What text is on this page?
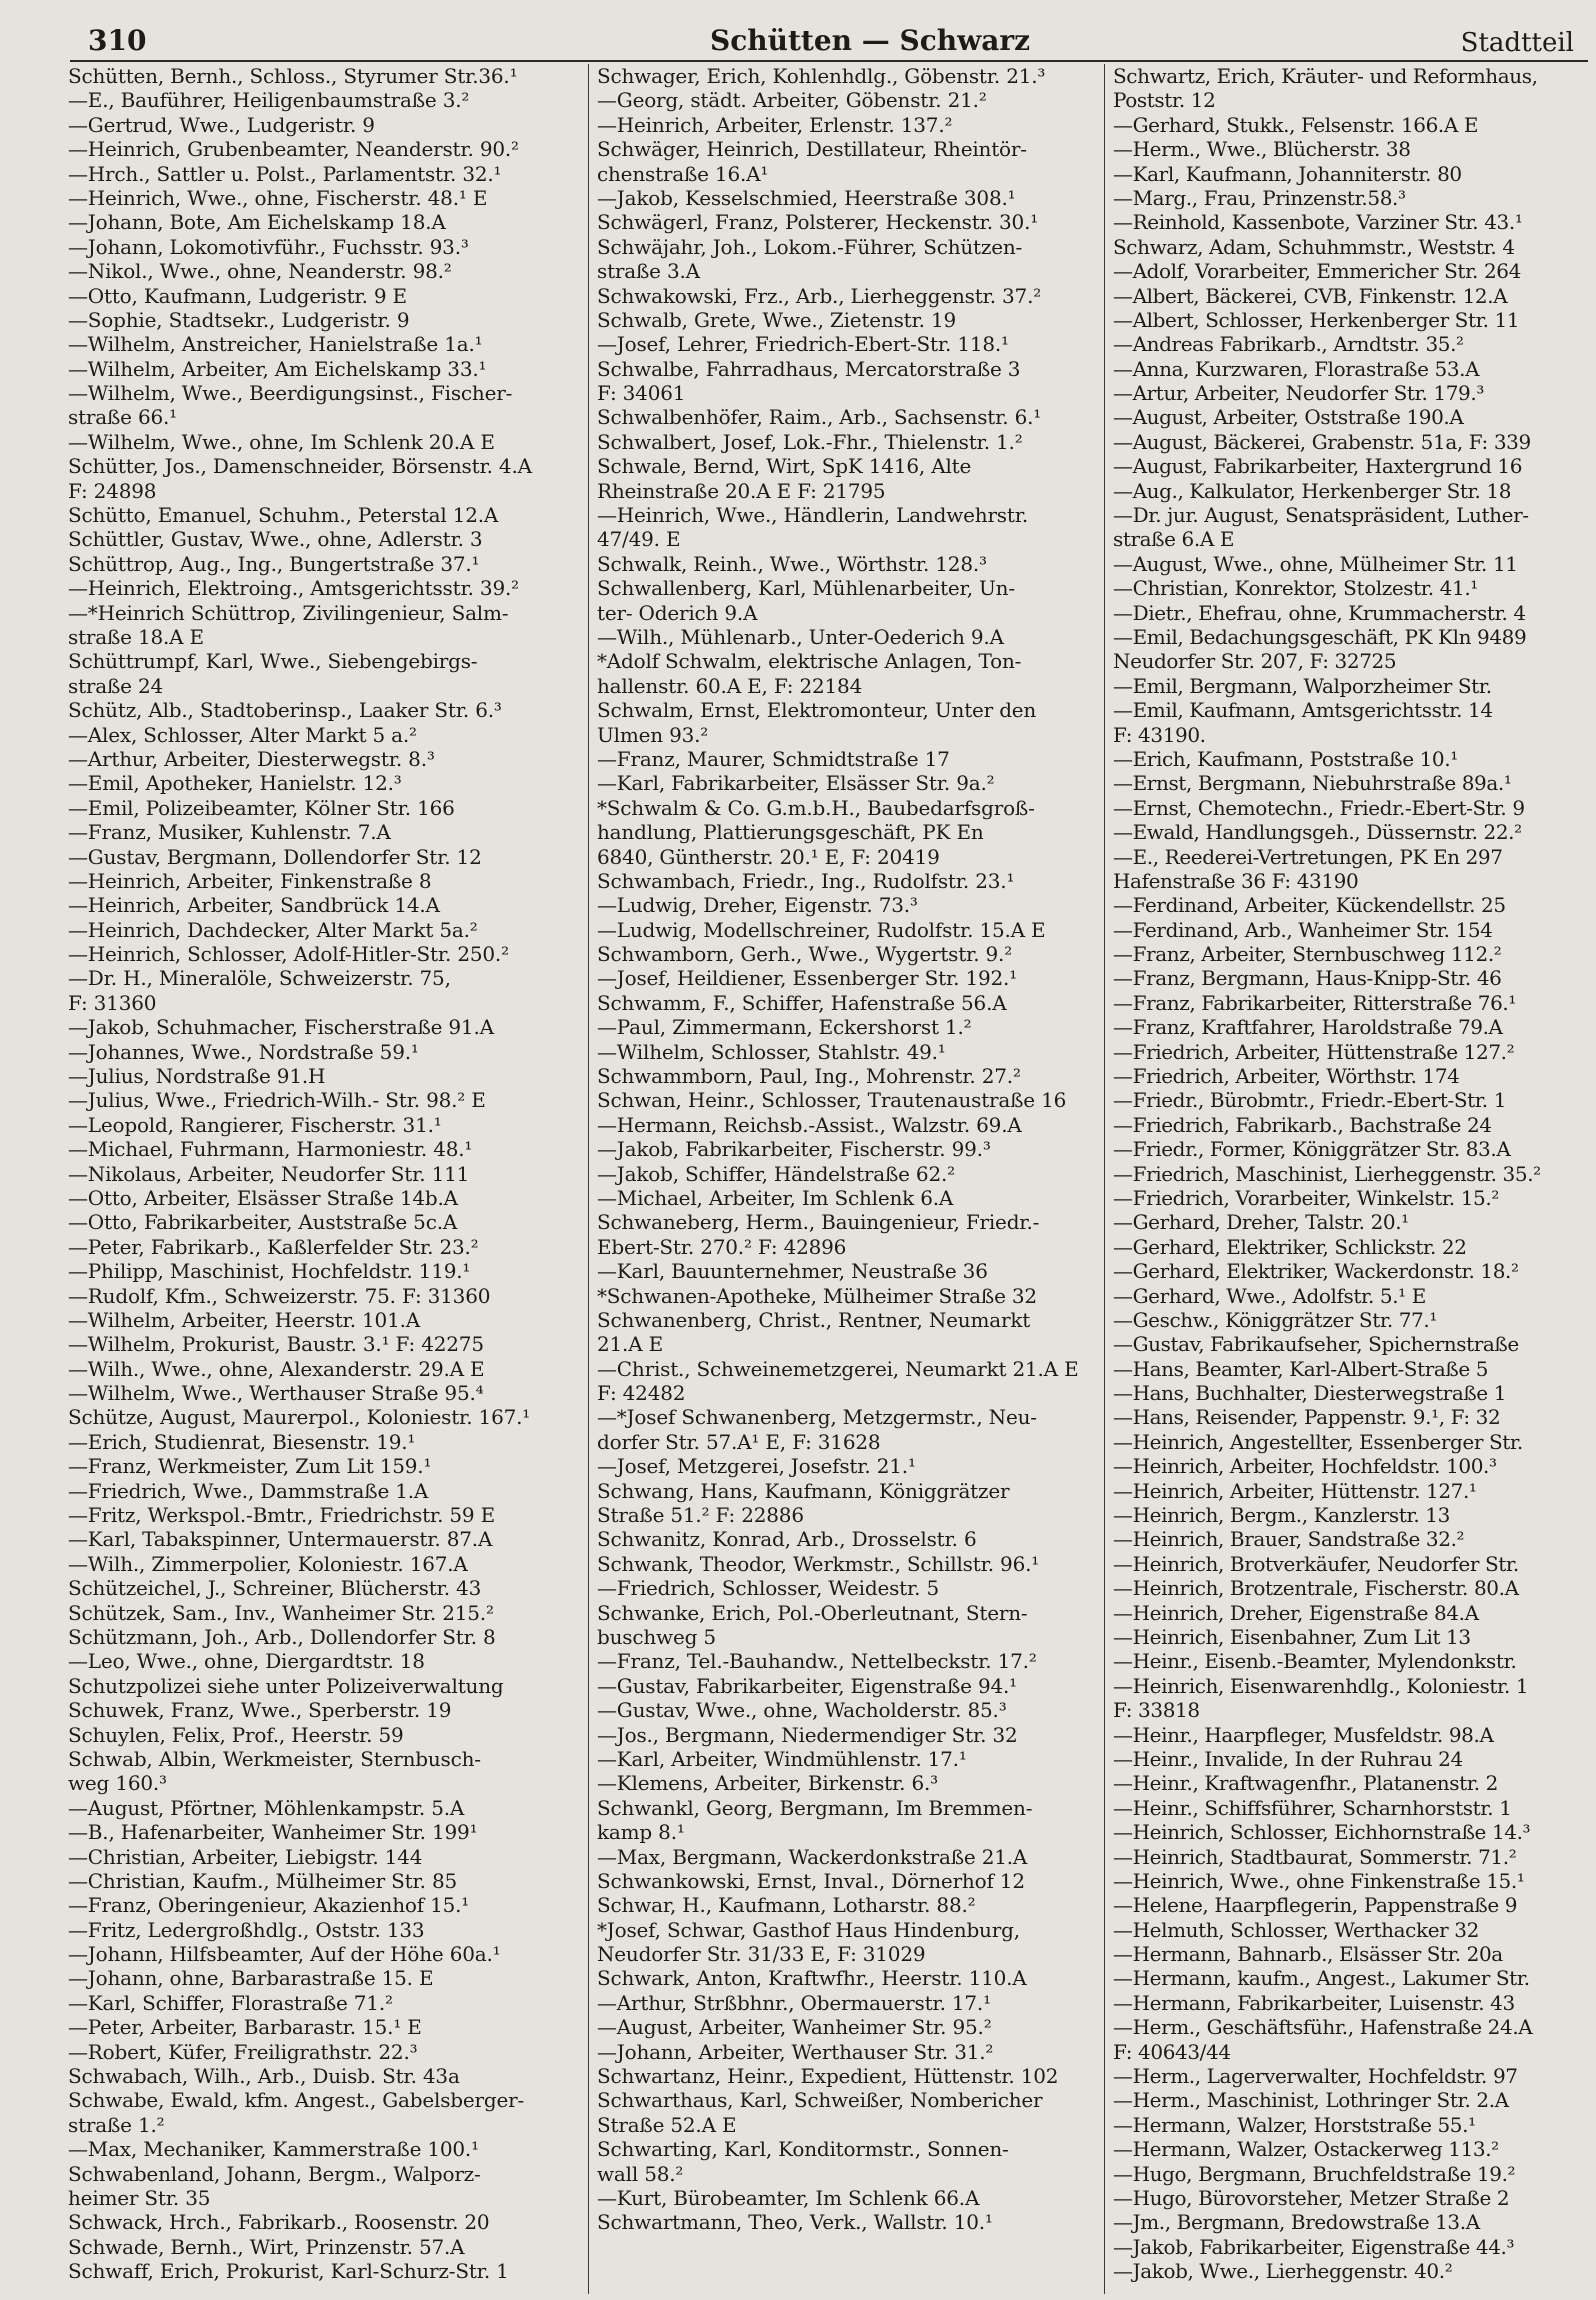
310	Schütten — Schwarz	Stadtteil
Schütten, Bernh., Schloss., Styrumer Str.36.¹
—E., Bauführer, Heiligenbaumstraße 3.²
—Gertrud, Wwe., Ludgeristr. 9
—Heinrich, Grubenbeamter, Neanderstr. 90.²
—Hrch., Sattler u. Polst., Parlamentstr. 32.¹
—Heinrich, Wwe., ohne, Fischerstr. 48.¹ E
—Johann, Bote, Am Eichelskamp 18.A
—Johann, Lokomotivführ., Fuchsstr. 93.³
—Nikol., Wwe., ohne, Neanderstr. 98.²
—Otto, Kaufmann, Ludgeristr. 9 E
—Sophie, Stadtsekr., Ludgeristr. 9
—Wilhelm, Anstreicher, Hanielstraße 1a.¹
—Wilhelm, Arbeiter, Am Eichelskamp 33.¹
—Wilhelm, Wwe., Beerdigungsinst., Fischer-
straße 66.¹
—Wilhelm, Wwe., ohne, Im Schlenk 20.A E
Schütter, Jos., Damenschneider, Börsenstr. 4.A
F: 24898
Schütto, Emanuel, Schuhm., Peterstal 12.A
Schüttler, Gustav, Wwe., ohne, Adlerstr. 3
Schüttrop, Aug., Ing., Bungertstraße 37.¹
—Heinrich, Elektroing., Amtsgerichtsstr. 39.²
—*Heinrich Schüttrop, Zivilingenieur, Salm-
straße 18.A E
Schüttrumpf, Karl, Wwe., Siebengebirgs-
straße 24
Schütz, Alb., Stadtoberinsp., Laaker Str. 6.³
—Alex, Schlosser, Alter Markt 5 a.²
—Arthur, Arbeiter, Diesterwegstr. 8.³
—Emil, Apotheker, Hanielstr. 12.³
—Emil, Polizeibeamter, Kölner Str. 166
—Franz, Musiker, Kuhlenstr. 7.A
—Gustav, Bergmann, Dollendorfer Str. 12
—Heinrich, Arbeiter, Finkenstraße 8
—Heinrich, Arbeiter, Sandbrück 14.A
—Heinrich, Dachdecker, Alter Markt 5a.²
—Heinrich, Schlosser, Adolf-Hitler-Str. 250.²
—Dr. H., Mineralöle, Schweizerstr. 75,
F: 31360
—Jakob, Schuhmacher, Fischerstraße 91.A
—Johannes, Wwe., Nordstraße 59.¹
—Julius, Nordstraße 91.H
—Julius, Wwe., Friedrich-Wilh.- Str. 98.² E
—Leopold, Rangierer, Fischerstr. 31.¹
—Michael, Fuhrmann, Harmoniestr. 48.¹
—Nikolaus, Arbeiter, Neudorfer Str. 111
—Otto, Arbeiter, Elsässer Straße 14b.A
—Otto, Fabrikarbeiter, Auststraße 5c.A
—Peter, Fabrikarb., Kaßlerfelder Str. 23.²
—Philipp, Maschinist, Hochfeldstr. 119.¹
—Rudolf, Kfm., Schweizerstr. 75. F: 31360
—Wilhelm, Arbeiter, Heerstr. 101.A
—Wilhelm, Prokurist, Baustr. 3.¹ F: 42275
—Wilh., Wwe., ohne, Alexanderstr. 29.A E
—Wilhelm, Wwe., Werthauser Straße 95.⁴
Schütze, August, Maurerpol., Koloniestr. 167.¹
—Erich, Studienrat, Biesenstr. 19.¹
—Franz, Werkmeister, Zum Lit 159.¹
—Friedrich, Wwe., Dammstraße 1.A
—Fritz, Werkspol.-Bmtr., Friedrichstr. 59 E
—Karl, Tabakspinner, Untermauerstr. 87.A
—Wilh., Zimmerpolier, Koloniestr. 167.A
Schützeichel, J., Schreiner, Blücherstr. 43
Schützek, Sam., Inv., Wanheimer Str. 215.²
Schützmann, Joh., Arb., Dollendorfer Str. 8
—Leo, Wwe., ohne, Diergardtstr. 18
Schutzpolizei siehe unter Polizeiverwaltung
Schuwek, Franz, Wwe., Sperberstr. 19
Schuylen, Felix, Prof., Heerstr. 59
Schwab, Albin, Werkmeister, Sternbusch-
weg 160.³
—August, Pförtner, Möhlenkampstr. 5.A
—B., Hafenarbeiter, Wanheimer Str. 199¹
—Christian, Arbeiter, Liebigstr. 144
—Christian, Kaufm., Mülheimer Str. 85
—Franz, Oberingenieur, Akazienhof 15.¹
—Fritz, Ledergroßhdlg., Oststr. 133
—Johann, Hilfsbeamter, Auf der Höhe 60a.¹
—Johann, ohne, Barbarastraße 15. E
—Karl, Schiffer, Florastraße 71.²
—Peter, Arbeiter, Barbarastr. 15.¹ E
—Robert, Küfer, Freiligrathstr. 22.³
Schwabach, Wilh., Arb., Duisb. Str. 43a
Schwabe, Ewald, kfm. Angest., Gabelsberger-
straße 1.²
—Max, Mechaniker, Kammerstraße 100.¹
Schwabenland, Johann, Bergm., Walporz-
heimer Str. 35
Schwack, Hrch., Fabrikarb., Roosenstr. 20
Schwade, Bernh., Wirt, Prinzenstr. 57.A
Schwaff, Erich, Prokurist, Karl-Schurz-Str. 1
Schwager, Erich, Kohlenhdlg., Göbenstr. 21.³
—Georg, städt. Arbeiter, Göbenstr. 21.²
—Heinrich, Arbeiter, Erlenstr. 137.²
Schwäger, Heinrich, Destillateur, Rheintör-
chenstraße 16.A¹
—Jakob, Kesselschmied, Heerstraße 308.¹
Schwägerl, Franz, Polsterer, Heckenstr. 30.¹
Schwäjahr, Joh., Lokom.-Führer, Schützen-
straße 3.A
Schwakowski, Frz., Arb., Lierheggenstr. 37.²
Schwalb, Grete, Wwe., Zietenstr. 19
—Josef, Lehrer, Friedrich-Ebert-Str. 118.¹
Schwalbe, Fahrradhaus, Mercatorstraße 3
F: 34061
Schwalbenhöfer, Raim., Arb., Sachsenstr. 6.¹
Schwalbert, Josef, Lok.-Fhr., Thielenstr. 1.²
Schwale, Bernd, Wirt, SpK 1416, Alte
Rheinstraße 20.A E F: 21795
—Heinrich, Wwe., Händlerin, Landwehrstr.
47/49. E
Schwalk, Reinh., Wwe., Wörthstr. 128.³
Schwallenberg, Karl, Mühlenarbeiter, Un-
ter- Oderich 9.A
—Wilh., Mühlenarb., Unter-Oederich 9.A
*Adolf Schwalm, elektrische Anlagen, Ton-
hallenstr. 60.A E, F: 22184
Schwalm, Ernst, Elektromonteur, Unter den
Ulmen 93.²
—Franz, Maurer, Schmidtstraße 17
—Karl, Fabrikarbeiter, Elsässer Str. 9a.²
*Schwalm & Co. G.m.b.H., Baubedarfsgroß-
handlung, Plattierungsgeschäft, PK En
6840, Güntherstr. 20.¹ E, F: 20419
Schwambach, Friedr., Ing., Rudolfstr. 23.¹
—Ludwig, Dreher, Eigenstr. 73.³
—Ludwig, Modellschreiner, Rudolfstr. 15.A E
Schwamborn, Gerh., Wwe., Wygertstr. 9.²
—Josef, Heildiener, Essenberger Str. 192.¹
Schwamm, F., Schiffer, Hafenstraße 56.A
—Paul, Zimmermann, Eckershorst 1.²
—Wilhelm, Schlosser, Stahlstr. 49.¹
Schwammborn, Paul, Ing., Mohrenstr. 27.²
Schwan, Heinr., Schlosser, Trautenaustraße 16
—Hermann, Reichsb.-Assist., Walzstr. 69.A
—Jakob, Fabrikarbeiter, Fischerstr. 99.³
—Jakob, Schiffer, Händelstraße 62.²
—Michael, Arbeiter, Im Schlenk 6.A
Schwaneberg, Herm., Bauingenieur, Friedr.-
Ebert-Str. 270.² F: 42896
—Karl, Bauunternehmer, Neustraße 36
*Schwanen-Apotheke, Mülheimer Straße 32
Schwanenberg, Christ., Rentner, Neumarkt
21.A E
—Christ., Schweinemetzgerei, Neumarkt 21.A E
F: 42482
—*Josef Schwanenberg, Metzgermstr., Neu-
dorfer Str. 57.A¹ E, F: 31628
—Josef, Metzgerei, Josefstr. 21.¹
Schwang, Hans, Kaufmann, Königgrätzer
Straße 51.² F: 22886
Schwanitz, Konrad, Arb., Drosselstr. 6
Schwank, Theodor, Werkmstr., Schillstr. 96.¹
—Friedrich, Schlosser, Weidestr. 5
Schwanke, Erich, Pol.-Oberleutnant, Stern-
buschweg 5
—Franz, Tel.-Bauhandw., Nettelbeckstr. 17.²
—Gustav, Fabrikarbeiter, Eigenstraße 94.¹
—Gustav, Wwe., ohne, Wacholderstr. 85.³
—Jos., Bergmann, Niedermendiger Str. 32
—Karl, Arbeiter, Windmühlenstr. 17.¹
—Klemens, Arbeiter, Birkenstr. 6.³
Schwankl, Georg, Bergmann, Im Bremmen-
kamp 8.¹
—Max, Bergmann, Wackerdonkstraße 21.A
Schwankowski, Ernst, Inval., Dörnerhof 12
Schwar, H., Kaufmann, Lotharstr. 88.²
*Josef, Schwar, Gasthof Haus Hindenburg,
Neudorfer Str. 31/33 E, F: 31029
Schwark, Anton, Kraftwfhr., Heerstr. 110.A
—Arthur, Strßbhnr., Obermauerstr. 17.¹
—August, Arbeiter, Wanheimer Str. 95.²
—Johann, Arbeiter, Werthauser Str. 31.²
Schwartanz, Heinr., Expedient, Hüttenstr. 102
Schwarthaus, Karl, Schweißer, Nombericher
Straße 52.A E
Schwarting, Karl, Konditormstr., Sonnen-
wall 58.²
—Kurt, Bürobeamter, Im Schlenk 66.A
Schwartmann, Theo, Verk., Wallstr. 10.¹
Schwartz, Erich, Kräuter- und Reformhaus,
Poststr. 12
—Gerhard, Stukk., Felsenstr. 166.A E
—Herm., Wwe., Blücherstr. 38
—Karl, Kaufmann, Johanniterstr. 80
—Marg., Frau, Prinzenstr.58.³
—Reinhold, Kassenbote, Varziner Str. 43.¹
Schwarz, Adam, Schuhmmstr., Weststr. 4
—Adolf, Vorarbeiter, Emmericher Str. 264
—Albert, Bäckerei, CVB, Finkenstr. 12.A
—Albert, Schlosser, Herkenberger Str. 11
—Andreas Fabrikarb., Arndtstr. 35.²
—Anna, Kurzwaren, Florastraße 53.A
—Artur, Arbeiter, Neudorfer Str. 179.³
—August, Arbeiter, Oststraße 190.A
—August, Bäckerei, Grabenstr. 51a, F: 339
—August, Fabrikarbeiter, Haxtergrund 16
—Aug., Kalkulator, Herkenberger Str. 18
—Dr. jur. August, Senatspräsident, Luther-
straße 6.A E
—August, Wwe., ohne, Mülheimer Str. 11
—Christian, Konrektor, Stolzestr. 41.¹
—Dietr., Ehefrau, ohne, Krummacherstr. 4
—Emil, Bedachungsgeschäft, PK Kln 9489
Neudorfer Str. 207, F: 32725
—Emil, Bergmann, Walporzheimer Str.
—Emil, Kaufmann, Amtsgerichtsstr. 14
F: 43190.
—Erich, Kaufmann, Poststraße 10.¹
—Ernst, Bergmann, Niebuhrstraße 89a.¹
—Ernst, Chemotechn., Friedr.-Ebert-Str. 9
—Ewald, Handlungsgeh., Düssernstr. 22.²
—E., Reederei-Vertretungen, PK En 297
Hafenstraße 36 F: 43190
—Ferdinand, Arbeiter, Kückendellstr. 25
—Ferdinand, Arb., Wanheimer Str. 154
—Franz, Arbeiter, Sternbuschweg 112.²
—Franz, Bergmann, Haus-Knipp-Str. 46
—Franz, Fabrikarbeiter, Ritterstraße 76.¹
—Franz, Kraftfahrer, Haroldstraße 79.A
—Friedrich, Arbeiter, Hüttenstraße 127.²
—Friedrich, Arbeiter, Wörthstr. 174
—Friedr., Bürobmtr., Friedr.-Ebert-Str. 1
—Friedrich, Fabrikarb., Bachstraße 24
—Friedr., Former, Königgrätzer Str. 83.A
—Friedrich, Maschinist, Lierheggenstr. 35.²
—Friedrich, Vorarbeiter, Winkelstr. 15.²
—Gerhard, Dreher, Talstr. 20.¹
—Gerhard, Elektriker, Schlickstr. 22
—Gerhard, Elektriker, Wackerdonstr. 18.²
—Gerhard, Wwe., Adolfstr. 5.¹ E
—Geschw., Königgrätzer Str. 77.¹
—Gustav, Fabrikaufseher, Spichernstraße
—Hans, Beamter, Karl-Albert-Straße 5
—Hans, Buchhalter, Diesterwegstraße 1
—Hans, Reisender, Pappenstr. 9.¹, F: 32
—Heinrich, Angestellter, Essenberger Str.
—Heinrich, Arbeiter, Hochfeldstr. 100.³
—Heinrich, Arbeiter, Hüttenstr. 127.¹
—Heinrich, Bergm., Kanzlerstr. 13
—Heinrich, Brauer, Sandstraße 32.²
—Heinrich, Brotverkäufer, Neudorfer Str.
—Heinrich, Brotzentrale, Fischerstr. 80.A
—Heinrich, Dreher, Eigenstraße 84.A
—Heinrich, Eisenbahner, Zum Lit 13
—Heinr., Eisenb.-Beamter, Mylendonkstr.
—Heinrich, Eisenwarenhdlg., Koloniestr. 1
F: 33818
—Heinr., Haarpfleger, Musfeldstr. 98.A
—Heinr., Invalide, In der Ruhrau 24
—Heinr., Kraftwagenfhr., Platanenstr. 2
—Heinr., Schiffsführer, Scharnhorststr. 1
—Heinrich, Schlosser, Eichhornstraße 14.³
—Heinrich, Stadtbaurat, Sommerstr. 71.²
—Heinrich, Wwe., ohne Finkenstraße 15.¹
—Helene, Haarpflegerin, Pappenstraße 9
—Helmuth, Schlosser, Werthacker 32
—Hermann, Bahnarb., Elsässer Str. 20a
—Hermann, kaufm., Angest., Lakumer Str.
—Hermann, Fabrikarbeiter, Luisenstr. 43
—Herm., Geschäftsführ., Hafenstraße 24.A
F: 40643/44
—Herm., Lagerverwalter, Hochfeldstr. 97
—Herm., Maschinist, Lothringer Str. 2.A
—Hermann, Walzer, Horststraße 55.¹
—Hermann, Walzer, Ostackerweg 113.²
—Hugo, Bergmann, Bruchfeldstraße 19.²
—Hugo, Bürovorsteher, Metzer Straße 2
—Jm., Bergmann, Bredowstraße 13.A
—Jakob, Fabrikarbeiter, Eigenstraße 44.³
—Jakob, Wwe., Lierheggenstr. 40.²
